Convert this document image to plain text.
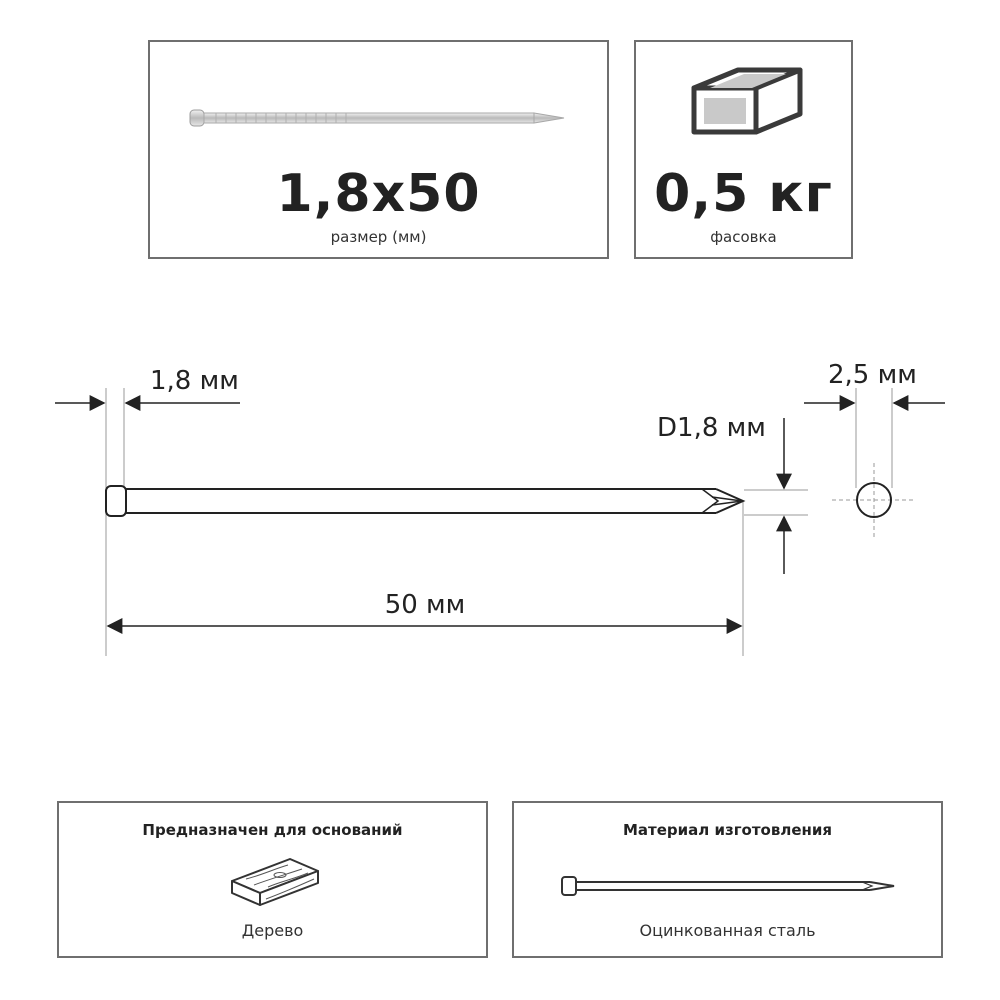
1,8x50
размер (мм)
0,5 кг
фасовка
1,8 мм	2,5 мм
D1,8 мм
50 мм
Предназначен для оснований
Дерево
Материал изготовления
Оцинкованная сталь
